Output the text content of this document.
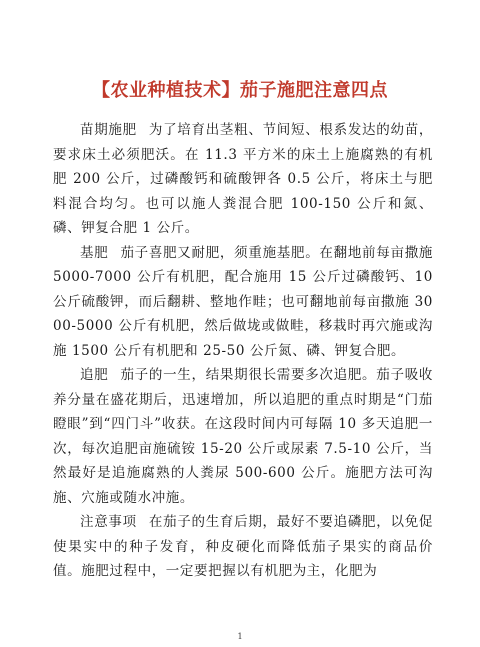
【农业种植技术】茄子施肥注意四点

苗期施肥 为了培育出茎粗、节间短、根系发达的幼苗，要求床土必须肥沃。在 11.3 平方米的床土上施腐熟的有机肥 200 公斤，过磷酸钙和硫酸钾各 0.5 公斤，将床土与肥料混合均匀。也可以施人粪混合肥 100-150 公斤和氮、磷、钾复合肥 1 公斤。

基肥 茄子喜肥又耐肥，须重施基肥。在翻地前每亩撒施 5000-7000 公斤有机肥，配合施用 15 公斤过磷酸钙、10 公斤硫酸钾，而后翻耕、整地作畦；也可翻地前每亩撒施 3000-5000 公斤有机肥，然后做垅或做畦，移栽时再穴施或沟施 1500 公斤有机肥和 25-50 公斤氮、磷、钾复合肥。

追肥 茄子的一生，结果期很长需要多次追肥。茄子吸收养分量在盛花期后，迅速增加，所以追肥的重点时期是“门茄瞪眼”到“四门斗”收获。在这段时间内可每隔 10 多天追肥一次，每次追肥亩施硫铵 15-20 公斤或尿素 7.5-10 公斤，当然最好是追施腐熟的人粪尿 500-600 公斤。施肥方法可沟施、穴施或随水冲施。

注意事项 在茄子的生育后期，最好不要追磷肥，以免促使果实中的种子发育，种皮硬化而降低茄子果实的商品价值。施肥过程中，一定要把握以有机肥为主，化肥为

1
